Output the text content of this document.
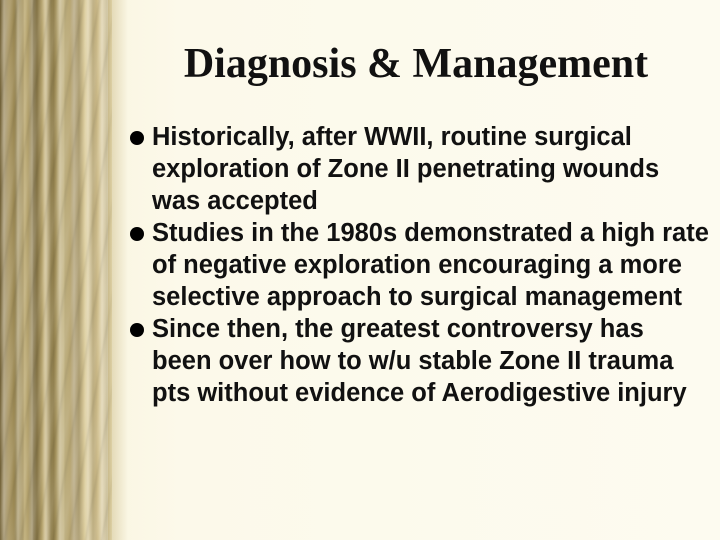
Diagnosis & Management
Historically, after WWII, routine surgical exploration of Zone II penetrating wounds was accepted
Studies in the 1980s demonstrated a high rate of negative exploration encouraging a more selective approach to surgical management
Since then, the greatest controversy has been over how to w/u stable Zone II trauma pts without evidence of Aerodigestive injury
